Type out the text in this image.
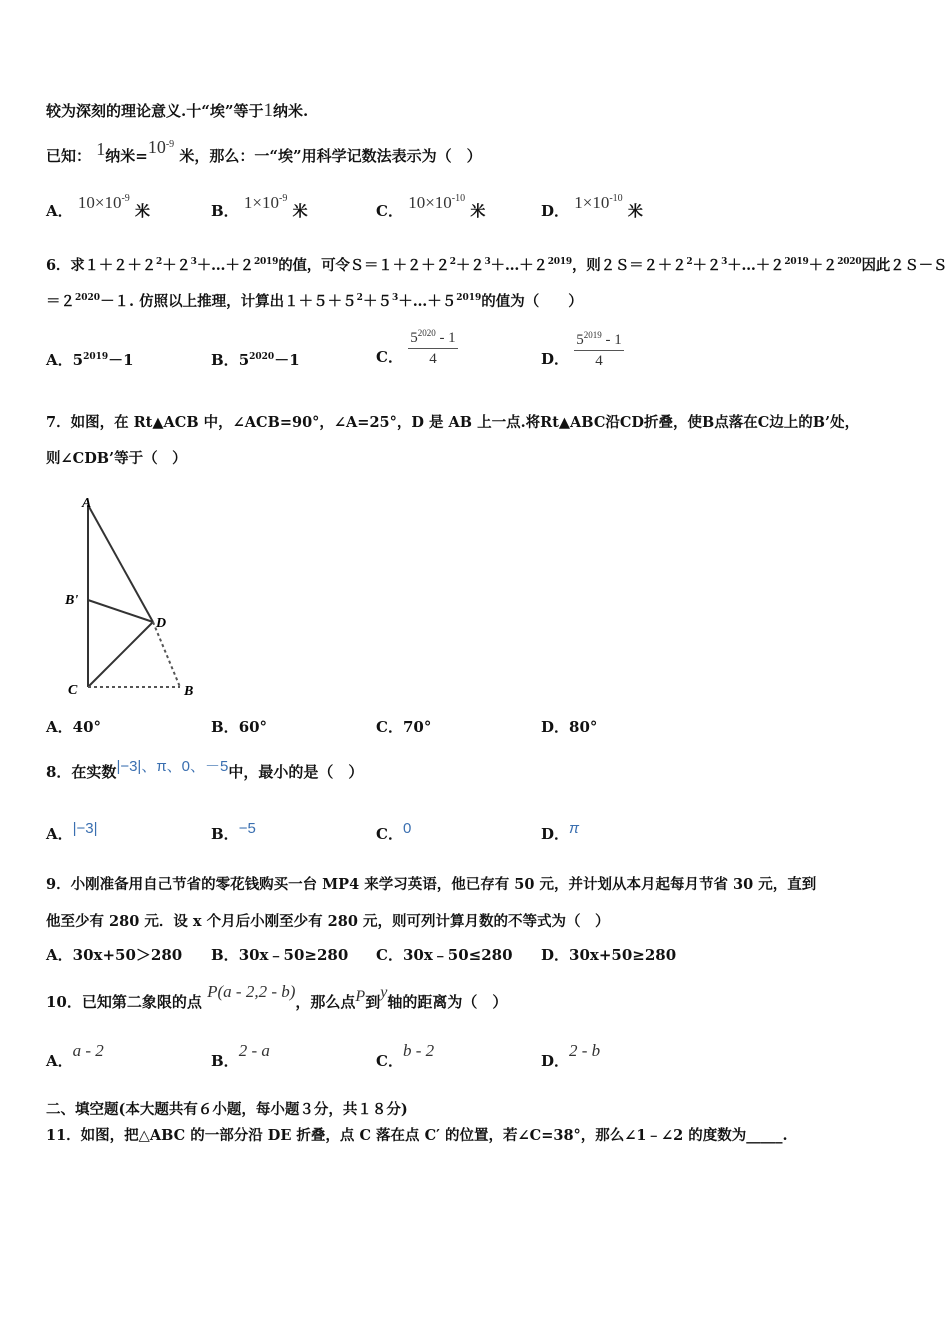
较为深刻的理论意义.十“埃”等于1纳米.
已知： 1纳米$=10^{-9}$ 米，那么：一“埃”用科学记数法表示为（　）
A． $10\times 10^{-9}$ 米	B． $1\times 10^{-9}$ 米	C． $10\times 10^{-10}$ 米	D． $1\times 10^{-10}$ 米
6．求$1+2+2^2+2^3+\dots+2^{2019}$的值，可令$S=1+2+2^2+2^3+\dots+2^{2019}$，则$2S=2+2^2+2^3+\dots+2^{2019}+2^{2020}$因此２Ｓ－Ｓ
$=2^{2020}-1$. 仿照以上推理，计算出$1+5+5^2+5^3+\dots+5^{2019}$的值为（　　）
A．$5^{2019}-1$	B．$5^{2020}-1$	C． $\frac{5^{2020} - 1}{4}$	D． $\frac{5^{2019} - 1}{4}$
7．如图，在 Rt▲ACB 中，∠ACB=90°，∠A=25°，D 是 AB 上一点.将Rt▲ABC沿CD折叠，使B点落在C边上的B’处，
则∠CDB’等于（　）
A
B'
D
C	B
A．40°	B．60°	C．70°	D．80°
8．在实数|−3|、π、0、－5中，最小的是（　）
A．|−3|	B．−5	C．0	D．π
9．小刚准备用自己节省的零花钱购买一台 MP4 来学习英语，他已存有 50 元，并计划从本月起每月节省 30 元，直到
他至少有 280 元．设 x 个月后小刚至少有 280 元，则可列计算月数的不等式为（　）
A．30x+50＞280 B．30x﹣50≥280 C．30x﹣50≤280 D．30x+50≥280
10．已知第二象限的点 P(a - 2,2 - b)，那么点P到y轴的距离为（　）
A．a - 2
B．2 - a
C．b - 2
D．2 - b
二、填空题(本大题共有６小题，每小题３分，共１８分)
11．如图，把△ABC 的一部分沿 DE 折叠，点 C 落在点 C′ 的位置，若∠C=38°，那么∠1﹣∠2 的度数为_____.
